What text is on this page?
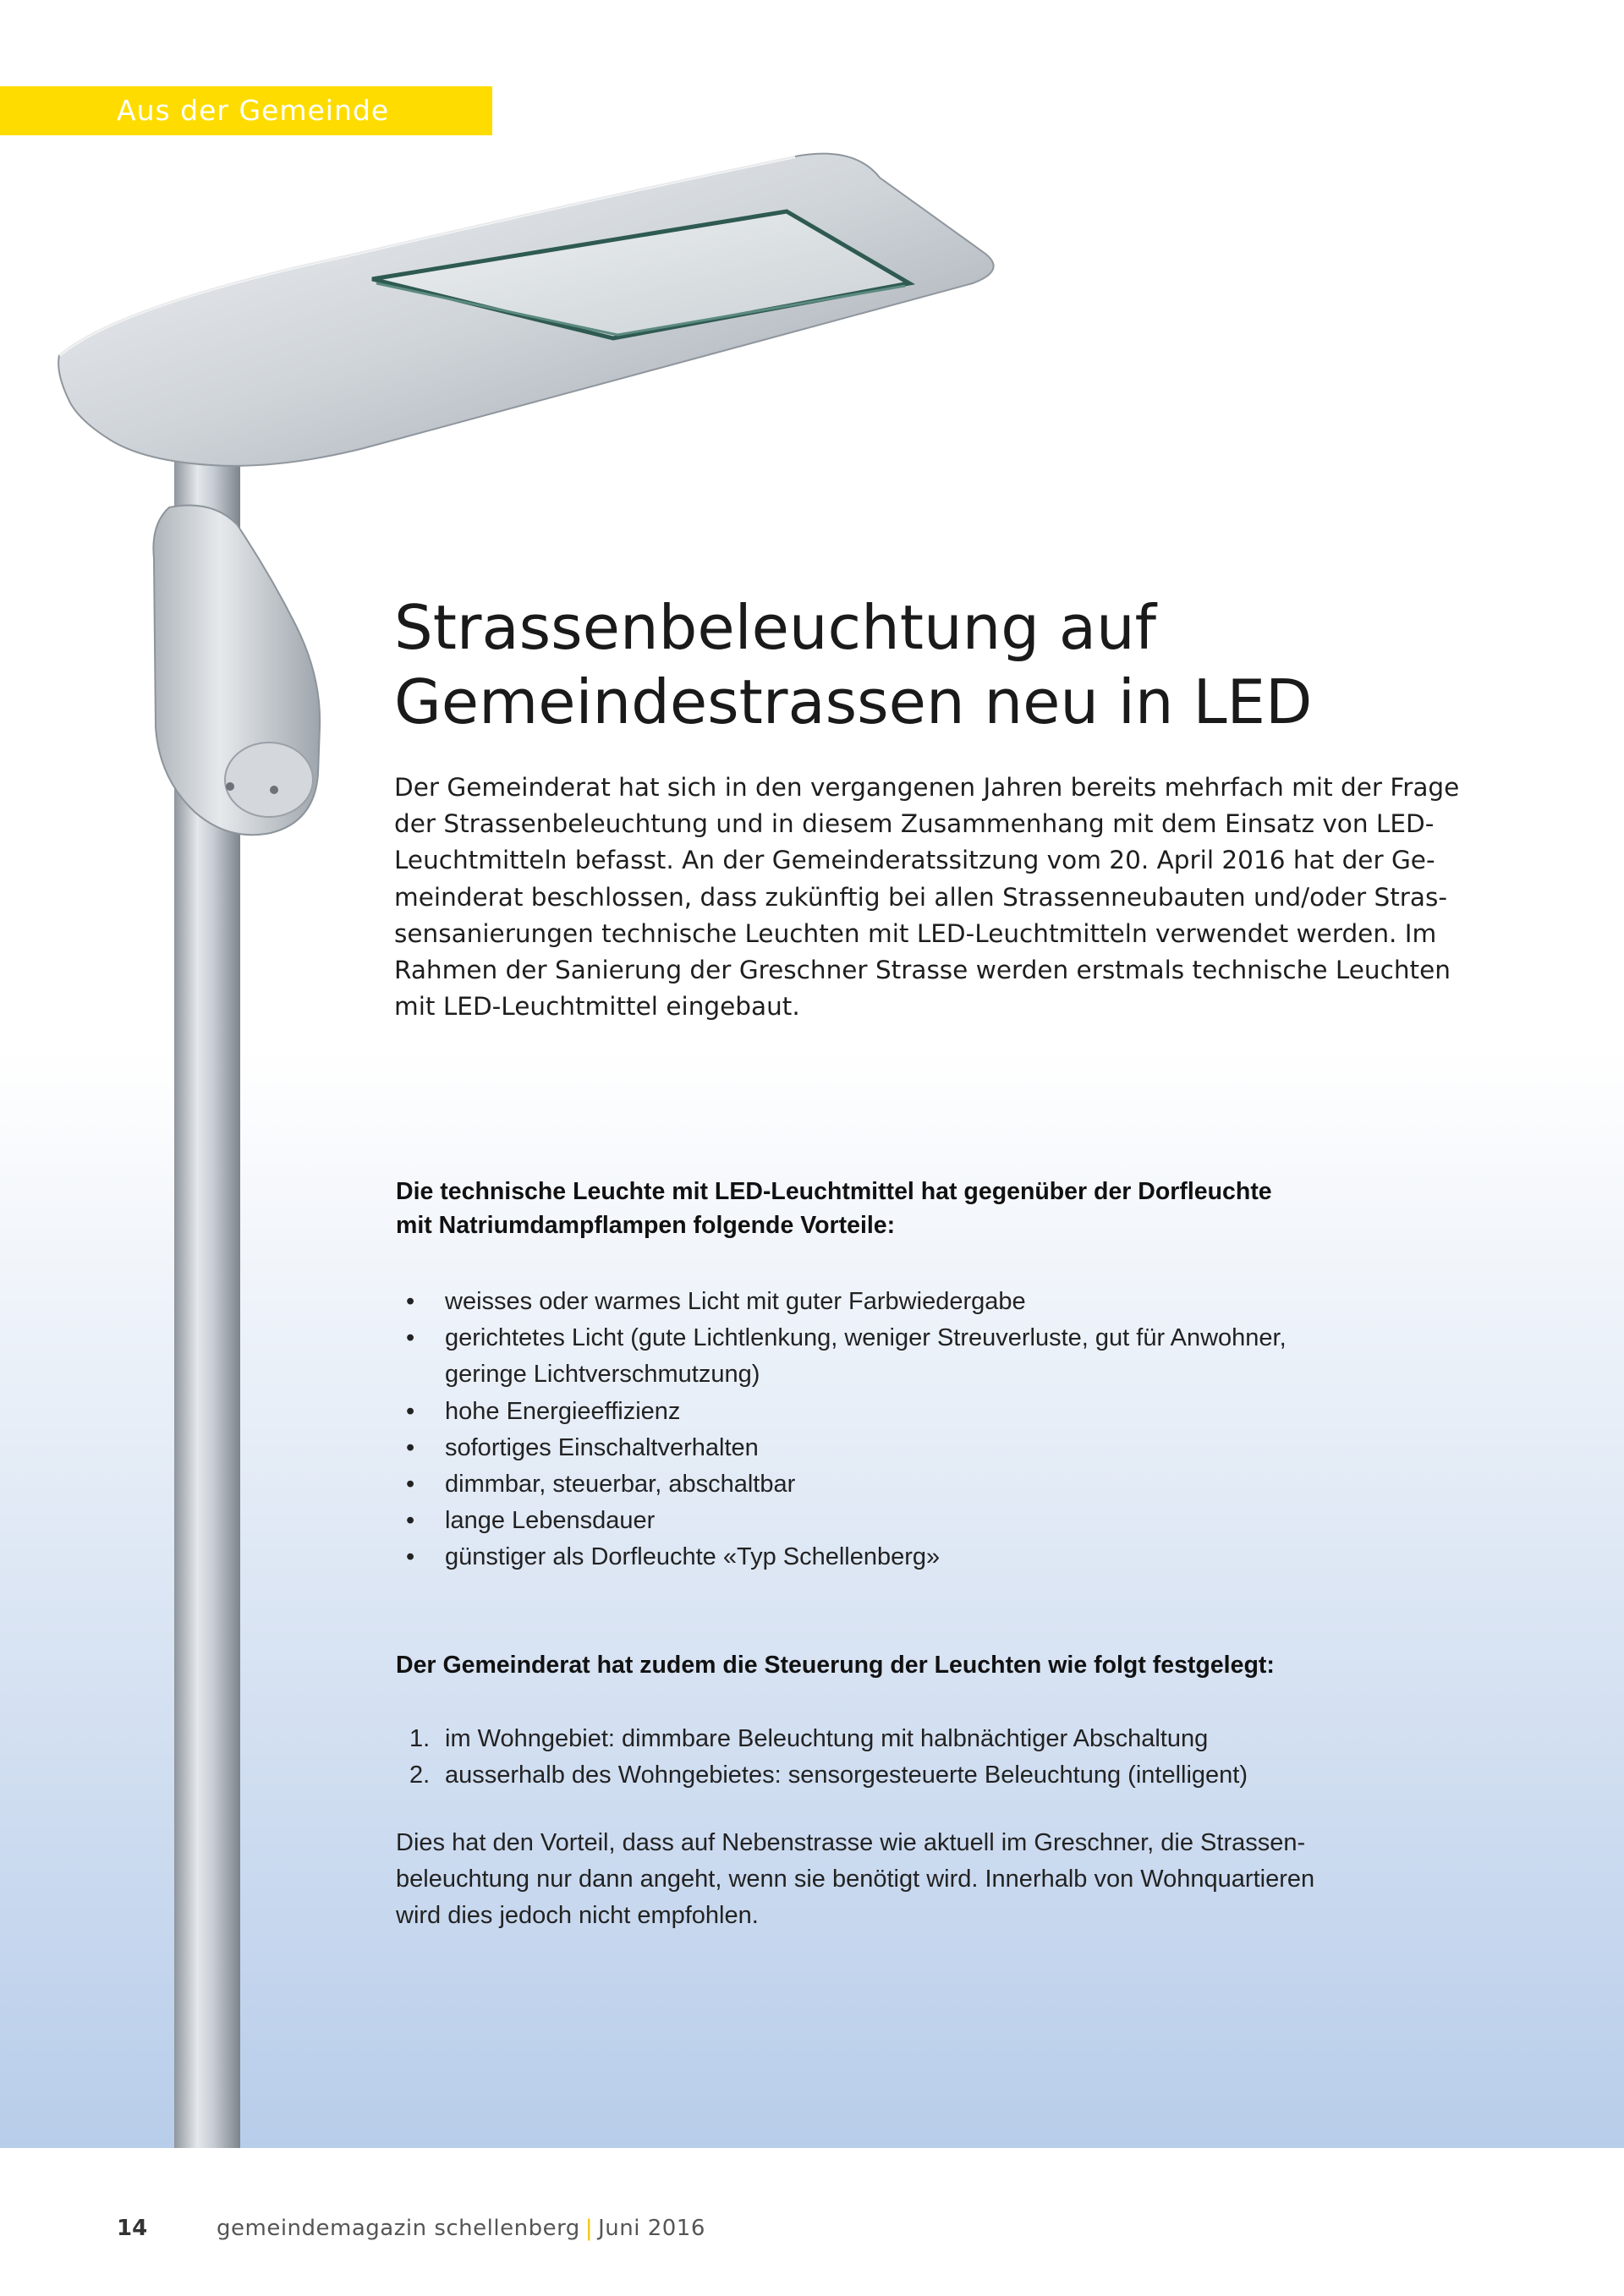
Aus der Gemeinde
Strassenbeleuchtung auf
Gemeindestrassen neu in LED

Der Gemeinderat hat sich in den vergangenen Jahren bereits mehrfach mit der Frage
der Strassenbeleuchtung und in diesem Zusammenhang mit dem Einsatz von LED-
Leuchtmitteln befasst. An der Gemeinderatssitzung vom 20. April 2016 hat der Ge-
meinderat beschlossen, dass zukünftig bei allen Strassenneubauten und/oder Stras-
sensanierungen technische Leuchten mit LED-Leuchtmitteln verwendet werden. Im
Rahmen der Sanierung der Greschner Strasse werden erstmals technische Leuchten
mit LED-Leuchtmittel eingebaut.

Die technische Leuchte mit LED-Leuchtmittel hat gegenüber der Dorfleuchte
mit Natriumdampflampen folgende Vorteile:
• weisses oder warmes Licht mit guter Farbwiedergabe
• gerichtetes Licht (gute Lichtlenkung, weniger Streuverluste, gut für Anwohner,
geringe Lichtverschmutzung)
• hohe Energieeffizienz
• sofortiges Einschaltverhalten
• dimmbar, steuerbar, abschaltbar
• lange Lebensdauer
• günstiger als Dorfleuchte «Typ Schellenberg»
Der Gemeinderat hat zudem die Steuerung der Leuchten wie folgt festgelegt:
1. im Wohngebiet: dimmbare Beleuchtung mit halbnächtiger Abschaltung
2. ausserhalb des Wohngebietes: sensorgesteuerte Beleuchtung (intelligent)

Dies hat den Vorteil, dass auf Nebenstrasse wie aktuell im Greschner, die Strassen-
beleuchtung nur dann angeht, wenn sie benötigt wird. Innerhalb von Wohnquartieren
wird dies jedoch nicht empfohlen.

14	gemeindemagazin schellenberg | Juni 2016
